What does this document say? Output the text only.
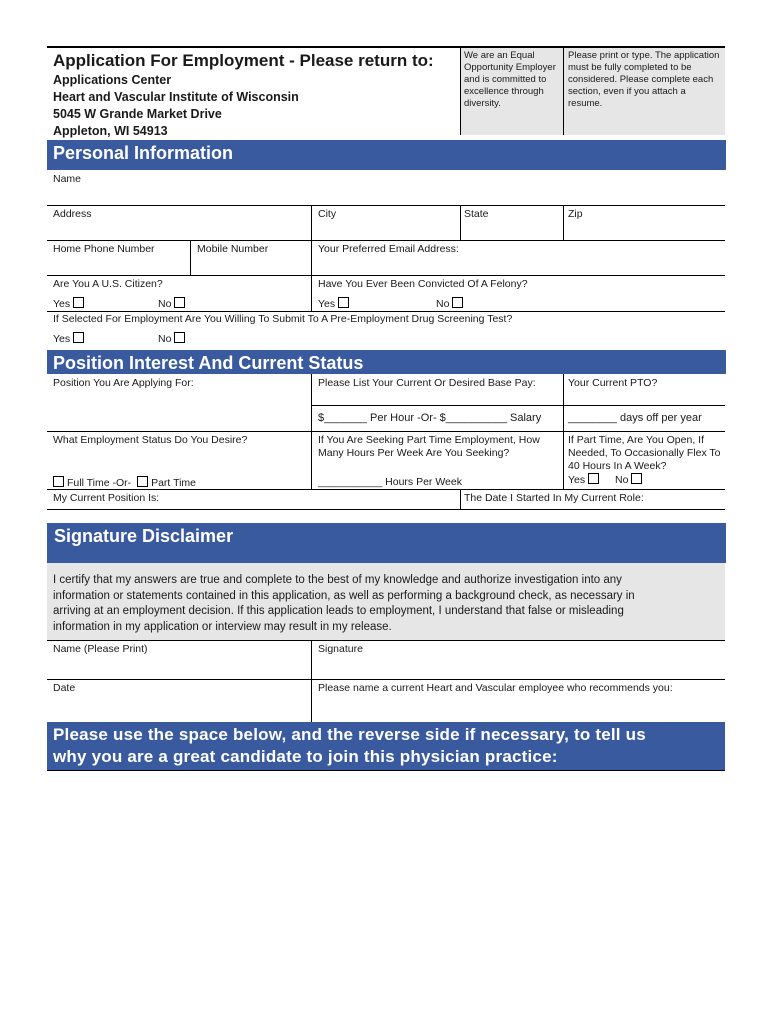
Application For Employment - Please return to:
Applications Center
Heart and Vascular Institute of Wisconsin
5045 W Grande Market Drive
Appleton, WI 54913
We are an Equal Opportunity Employer and is committed to excellence through diversity.
Please print or type. The application must be fully completed to be considered. Please complete each section, even if you attach a resume.
Personal Information
Name
Address	City	State	Zip
Home Phone Number	Mobile Number	Your Preferred Email Address:
Are You A U.S. Citizen?	Have You Ever Been Convicted Of A Felony?
Yes	No	Yes	No
If Selected For Employment Are You Willing To Submit To A Pre-Employment Drug Screening Test?
Yes	No
Position Interest And Current Status
Position You Are Applying For:	Please List Your Current Or Desired Base Pay:	Your Current PTO?
$_______ Per Hour -Or- $__________ Salary ________ days off per year
What Employment Status Do You Desire?	If You Are Seeking Part Time Employment, How Many Hours Per Week Are You Seeking?
If Part Time, Are You Open, If Needed, To Occasionally Flex To 40 Hours In A Week?
Yes	No
Full Time -Or- Part Time	___________ Hours Per Week
My Current Position Is:	The Date I Started In My Current Role:
Signature Disclaimer
I certify that my answers are true and complete to the best of my knowledge and authorize investigation into any
information or statements contained in this application, as well as performing a background check, as necessary in
arriving at an employment decision. If this application leads to employment, I understand that false or misleading
information in my application or interview may result in my release.
Name (Please Print)	Signature
Date	Please name a current Heart and Vascular employee who recommends you:
Please use the space below, and the reverse side if necessary, to tell us
why you are a great candidate to join this physician practice:
